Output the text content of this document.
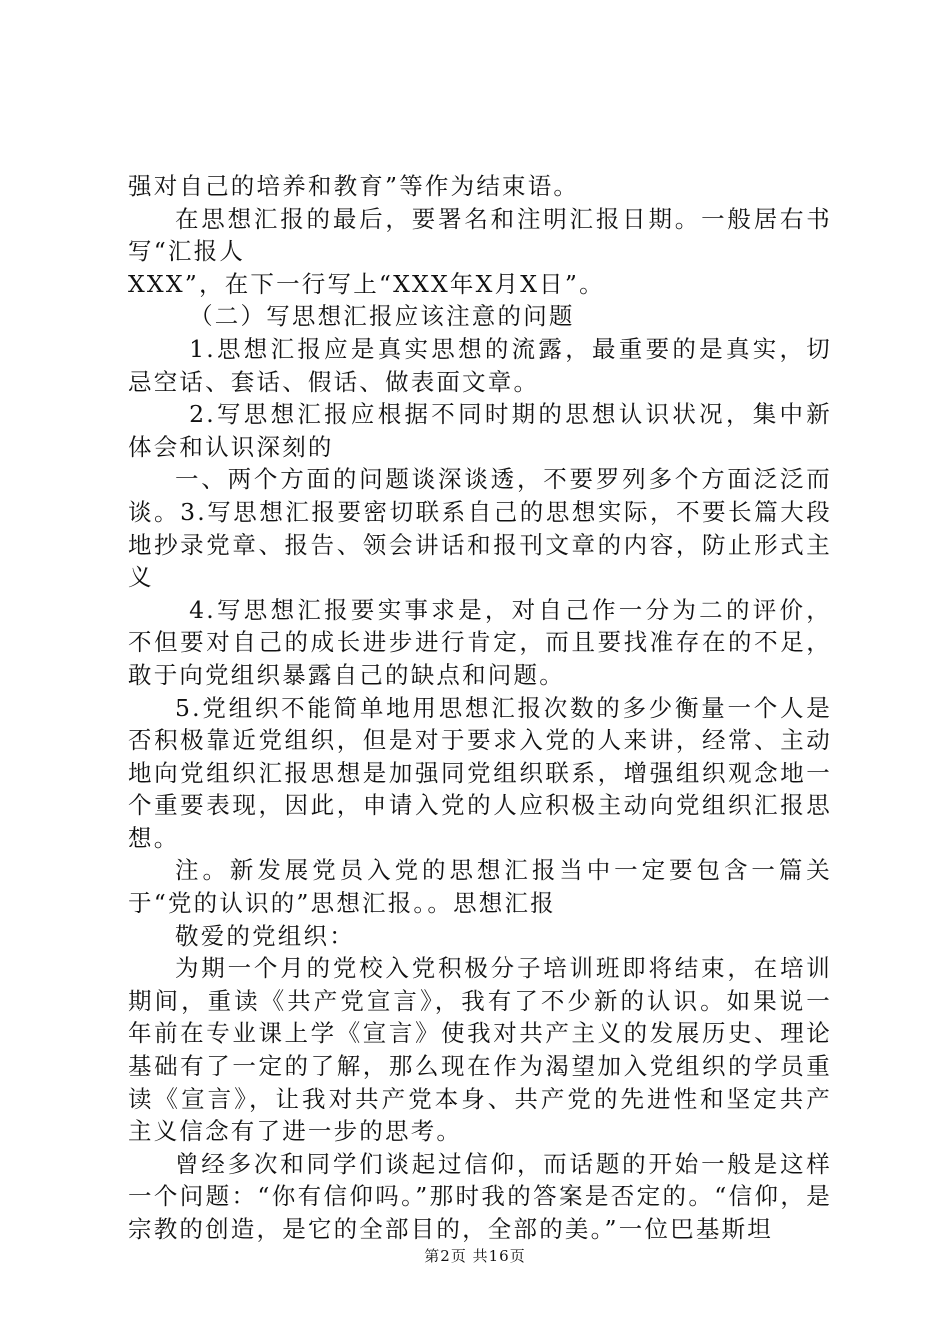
强对自己的培养和教育”等作为结束语。

在思想汇报的最后，要署名和注明汇报日期。一般居右书写“汇报人

XXX”，在下一行写上“XXX年X月X日”。

（二）写思想汇报应该注意的问题

1.思想汇报应是真实思想的流露，最重要的是真实，切忌空话、套话、假话、做表面文章。

2.写思想汇报应根据不同时期的思想认识状况，集中新体会和认识深刻的

一、两个方面的问题谈深谈透，不要罗列多个方面泛泛而谈。3.写思想汇报要密切联系自己的思想实际，不要长篇大段地抄录党章、报告、领会讲话和报刊文章的内容，防止形式主义

4.写思想汇报要实事求是，对自己作一分为二的评价，不但要对自己的成长进步进行肯定，而且要找准存在的不足，敢于向党组织暴露自己的缺点和问题。

5.党组织不能简单地用思想汇报次数的多少衡量一个人是否积极靠近党组织，但是对于要求入党的人来讲，经常、主动地向党组织汇报思想是加强同党组织联系，增强组织观念地一个重要表现，因此，申请入党的人应积极主动向党组织汇报思想。

注。新发展党员入党的思想汇报当中一定要包含一篇关于“党的认识的”思想汇报。。思想汇报

敬爱的党组织：

为期一个月的党校入党积极分子培训班即将结束，在培训期间，重读《共产党宣言》，我有了不少新的认识。如果说一年前在专业课上学《宣言》使我对共产主义的发展历史、理论基础有了一定的了解，那么现在作为渴望加入党组织的学员重读《宣言》，让我对共产党本身、共产党的先进性和坚定共产主义信念有了进一步的思考。

曾经多次和同学们谈起过信仰，而话题的开始一般是这样一个问题：“你有信仰吗。”那时我的答案是否定的。“信仰，是宗教的创造，是它的全部目的，全部的美。”一位巴基斯坦

第2页 共16页
